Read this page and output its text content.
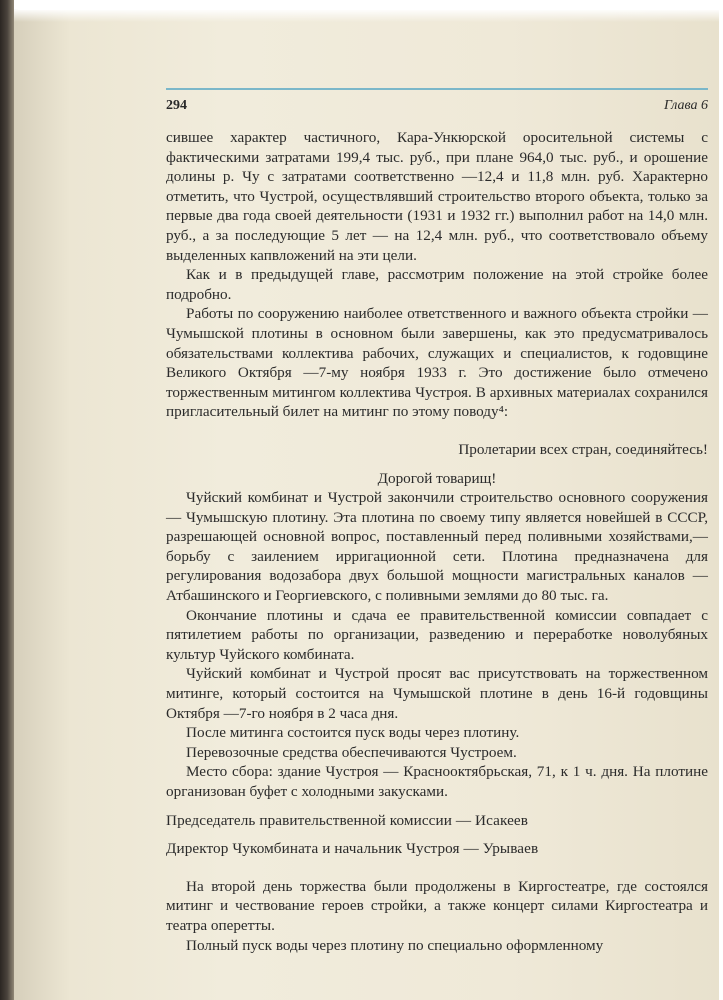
294	Глава 6

сившее характер частичного, Кара-Ункюрской оросительной системы с фактическими затратами 199,4 тыс. руб., при плане 964,0 тыс. руб., и орошение долины р. Чу с затратами соответственно —12,4 и 11,8 млн. руб. Характерно отметить, что Чустрой, осуществлявший строительство второго объекта, только за первые два года своей деятельности (1931 и 1932 гг.) выполнил работ на 14,0 млн. руб., а за последующие 5 лет — на 12,4 млн. руб., что соответствовало объему выделенных капвложений на эти цели.

Как и в предыдущей главе, рассмотрим положение на этой стройке более подробно.

Работы по сооружению наиболее ответственного и важного объекта стройки — Чумышской плотины в основном были завершены, как это предусматривалось обязательствами коллектива рабочих, служащих и специалистов, к годовщине Великого Октября —7-му ноября 1933 г. Это достижение было отмечено торжественным митингом коллектива Чустроя. В архивных материалах сохранился пригласительный билет на митинг по этому поводу⁴:

Пролетарии всех стран, соединяйтесь!

Дорогой товарищ!

Чуйский комбинат и Чустрой закончили строительство основного сооружения — Чумышскую плотину. Эта плотина по своему типу является новейшей в СССР, разрешающей основной вопрос, поставленный перед поливными хозяйствами,— борьбу с заилением ирригационной сети. Плотина предназначена для регулирования водозабора двух большой мощности магистральных каналов — Атбашинского и Георгиевского, с поливными землями до 80 тыс. га.

Окончание плотины и сдача ее правительственной комиссии совпадает с пятилетием работы по организации, разведению и переработке новолубяных культур Чуйского комбината.

Чуйский комбинат и Чустрой просят вас присутствовать на торжественном митинге, который состоится на Чумышской плотине в день 16-й годовщины Октября —7-го ноября в 2 часа дня.

После митинга состоится пуск воды через плотину.

Перевозочные средства обеспечиваются Чустроем.

Место сбора: здание Чустроя — Краснооктябрьская, 71, к 1 ч. дня. На плотине организован буфет с холодными закусками.

Председатель правительственной комиссии — Исакеев

Директор Чукомбината и начальник Чустроя — Урываев

На второй день торжества были продолжены в Киргостеатре, где состоялся митинг и чествование героев стройки, а также концерт силами Киргостеатра и театра оперетты.

Полный пуск воды через плотину по специально оформленному
